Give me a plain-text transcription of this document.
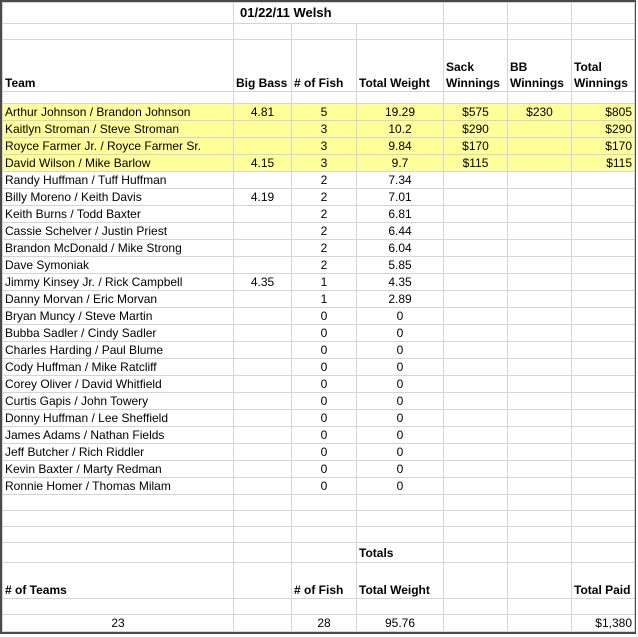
	01/22/11 Welsh					

Team	Big Bass	# of Fish	Total Weight	Sack Winnings	BB Winnings	Total Winnings

Arthur Johnson / Brandon Johnson	4.81	5	19.29	$575	$230	$805
Kaitlyn Stroman / Steve Stroman		3	10.2	$290		$290
Royce Farmer Jr. / Royce Farmer Sr.		3	9.84	$170		$170
David Wilson / Mike Barlow	4.15	3	9.7	$115		$115
Randy Huffman / Tuff Huffman		2	7.34			
Billy Moreno / Keith Davis	4.19	2	7.01			
Keith Burns / Todd Baxter		2	6.81			
Cassie Schelver / Justin Priest		2	6.44			
Brandon McDonald / Mike Strong		2	6.04			
Dave Symoniak		2	5.85			
Jimmy Kinsey Jr. / Rick Campbell	4.35	1	4.35			
Danny Morvan / Eric Morvan		1	2.89			
Bryan Muncy / Steve Martin		0	0			
Bubba Sadler / Cindy Sadler		0	0			
Charles Harding / Paul Blume		0	0			
Cody Huffman / Mike Ratcliff		0	0			
Corey Oliver / David Whitfield		0	0			
Curtis Gapis / John Towery		0	0			
Donny Huffman / Lee Sheffield		0	0			
James Adams / Nathan Fields		0	0			
Jeff Butcher / Rich Riddler		0	0			
Kevin Baxter / Marty Redman		0	0			
Ronnie Homer / Thomas Milam		0	0			

			Totals			
# of Teams		# of Fish	Total Weight			Total Paid

23		28	95.76			$1,380
